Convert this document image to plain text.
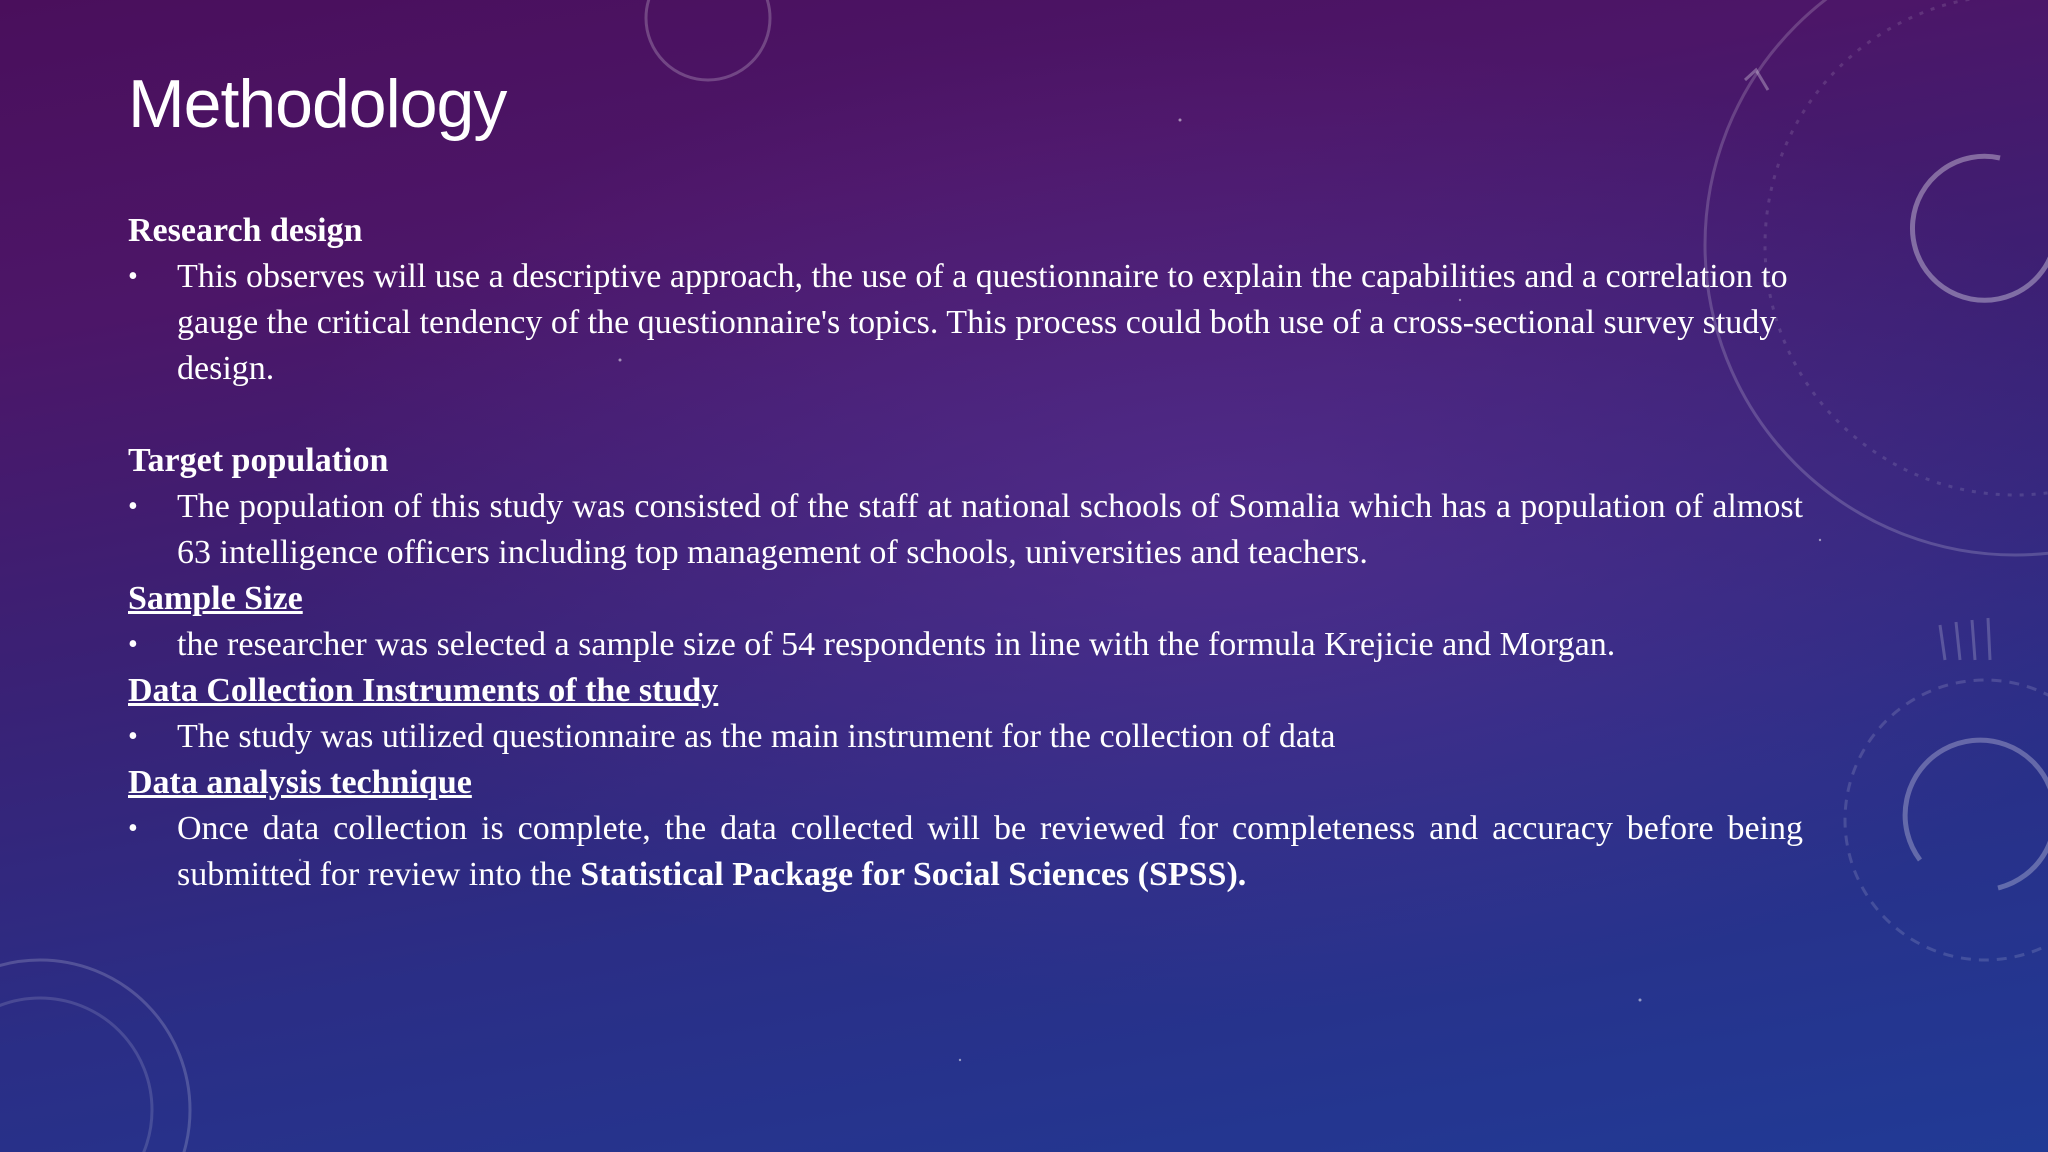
Methodology

Research design

• This observes will use a descriptive approach, the use of a questionnaire to explain the capabilities and a correlation to gauge the critical tendency of the questionnaire's topics. This process could both use of a cross-sectional survey study design.

Target population

• The population of this study was consisted of the staff at national schools of Somalia which has a population of almost 63 intelligence officers including top management of schools, universities and teachers.

Sample Size

• the researcher was selected a sample size of 54 respondents in line with the formula Krejicie and Morgan.

Data Collection Instruments of the study

• The study was utilized questionnaire as the main instrument for the collection of data

Data analysis technique

• Once data collection is complete, the data collected will be reviewed for completeness and accuracy before being submitted for review into the Statistical Package for Social Sciences (SPSS).
